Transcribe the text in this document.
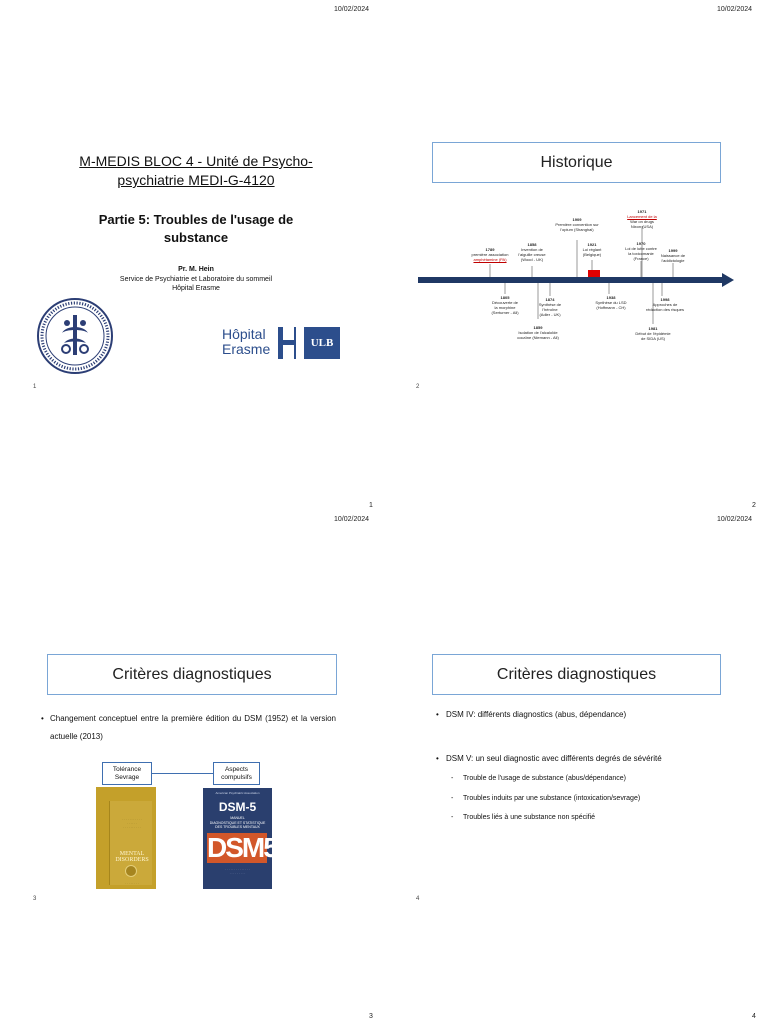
10/02/2024	10/02/2024
M-MEDIS BLOC 4 - Unité de Psycho-
psychiatrie MEDI-G-4120
Partie 5: Troubles de l'usage de
substance
Pr. M. Hein
Service de Psychiatrie et Laboratoire du sommeil
Hôpital Erasme
Hôpital
Erasme	ULB
1
1
Historique
1789
première association
amphétamine (PA)
1858
Invention de
l'aiguille creuse
(Wood - UK)
1909
Première convention sur
l'opium (Shanghai)
1921
Loi réglant
(Belgique)
1971
Lancement de la
War on drugs
Nixon (USA)
1970
Loi de lutte contre
la toxicomanie
(France)
1999
Naissance de
l'addictologie
1805
Découverte de
la morphine
(Serturner - All)
1874
Synthèse de
l'héroïne
(Adler - UK)
1859
Isolation de l'alcaloïde
cocaïne (Niemann - All)
1938
Synthèse du LSD
(Hoffmann - CH)
1998
Approches de
réduction des risques
1981
Début de l'épidémie
de SIDA (US)
2
2
10/02/2024	10/02/2024
Critères diagnostiques
• Changement conceptuel entre la première édition du DSM (1952) et la version actuelle (2013)
Tolérance
Sevrage
Aspects
compulsifs
· · · · · · · · · · ·
· · · · · ·
· · · · · · · · · ·
MENTAL
DISORDERS
· · · · · · · ·
American Psychiatric Association
DSM-5
MANUEL
DIAGNOSTIQUE ET STATISTIQUE
DES TROUBLES MENTAUX
DSM5
· · · · · · · · · · · · · ·
· · · · · · · · ·
3
3
Critères diagnostiques
• DSM IV: différents diagnostics (abus, dépendance)
• DSM V: un seul diagnostic avec différents degrés de sévérité
- Trouble de l'usage de substance (abus/dépendance)
- Troubles induits par une substance (intoxication/sevrage)
- Troubles liés à une substance non spécifié
4
4
